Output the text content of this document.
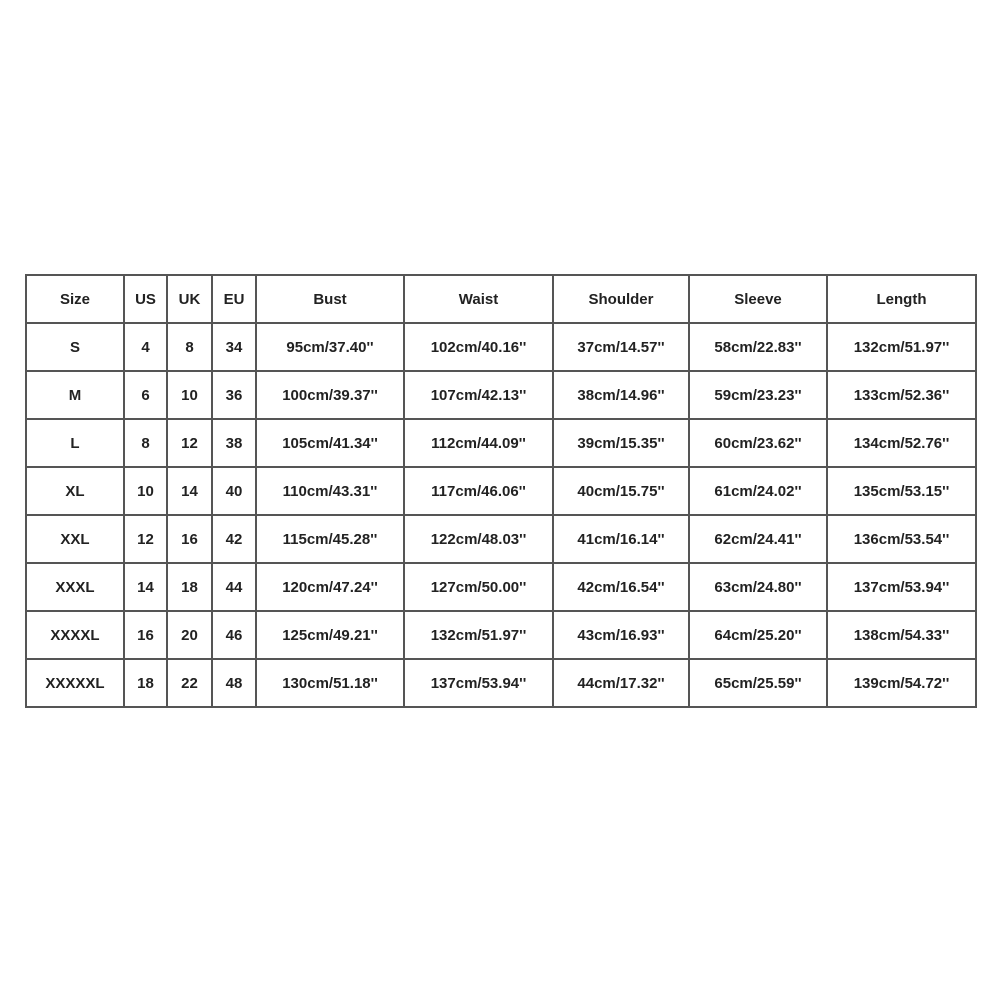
Size	US	UK	EU	Bust	Waist	Shoulder	Sleeve	Length
S	4	8	34	95cm/37.40''	102cm/40.16''	37cm/14.57''	58cm/22.83''	132cm/51.97''
M	6	10	36	100cm/39.37''	107cm/42.13''	38cm/14.96''	59cm/23.23''	133cm/52.36''
L	8	12	38	105cm/41.34''	112cm/44.09''	39cm/15.35''	60cm/23.62''	134cm/52.76''
XL	10	14	40	110cm/43.31''	117cm/46.06''	40cm/15.75''	61cm/24.02''	135cm/53.15''
XXL	12	16	42	115cm/45.28''	122cm/48.03''	41cm/16.14''	62cm/24.41''	136cm/53.54''
XXXL	14	18	44	120cm/47.24''	127cm/50.00''	42cm/16.54''	63cm/24.80''	137cm/53.94''
XXXXL	16	20	46	125cm/49.21''	132cm/51.97''	43cm/16.93''	64cm/25.20''	138cm/54.33''
XXXXXL	18	22	48	130cm/51.18''	137cm/53.94''	44cm/17.32''	65cm/25.59''	139cm/54.72''
